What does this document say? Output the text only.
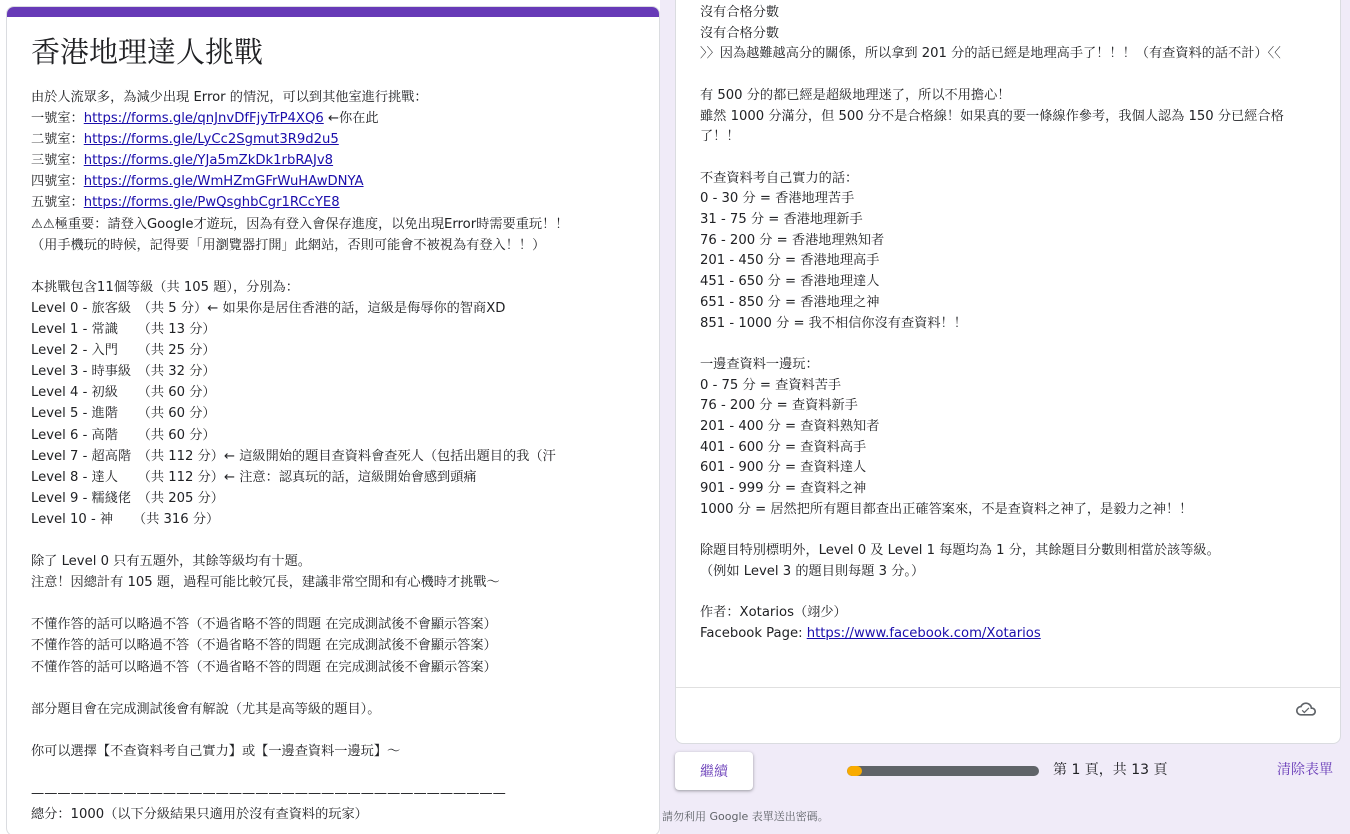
香港地理達人挑戰
由於人流眾多，為減少出現 Error 的情況，可以到其他室進行挑戰：
一號室：https://forms.gle/qnJnvDfFjyTrP4XQ6 ←你在此
二號室：https://forms.gle/LyCc2Sgmut3R9d2u5
三號室：https://forms.gle/YJa5mZkDk1rbRAJv8
四號室：https://forms.gle/WmHZmGFrWuHAwDNYA
五號室：https://forms.gle/PwQsghbCgr1RCcYE8
⚠⚠極重要：請登入Google才遊玩，因為有登入會保存進度，以免出現Error時需要重玩！！
（用手機玩的時候，記得要「用瀏覽器打開」此網站，否則可能會不被視為有登入！！）
本挑戰包含11個等級（共 105 題），分別為：
Level 0 - 旅客級　（共 5 分）← 如果你是居住香港的話，這級是侮辱你的智商XD
Level 1 - 常識　　（共 13 分）
Level 2 - 入門　　（共 25 分）
Level 3 - 時事級　（共 32 分）
Level 4 - 初級　　（共 60 分）
Level 5 - 進階　　（共 60 分）
Level 6 - 高階　　（共 60 分）
Level 7 - 超高階　（共 112 分）← 這級開始的題目查資料會查死人（包括出題目的我（汗
Level 8 - 達人　　（共 112 分）← 注意：認真玩的話，這級開始會感到頭痛
Level 9 - 糯綫佬　（共 205 分）
Level 10 - 神　　（共 316 分）
除了 Level 0 只有五題外，其餘等級均有十題。
注意！因總計有 105 題，過程可能比較冗長，建議非常空閒和有心機時才挑戰～
不懂作答的話可以略過不答（不過省略不答的問題 在完成測試後不會顯示答案）
不懂作答的話可以略過不答（不過省略不答的問題 在完成測試後不會顯示答案）
不懂作答的話可以略過不答（不過省略不答的問題 在完成測試後不會顯示答案）
部分題目會在完成測試後會有解說（尤其是高等級的題目）。
你可以選擇【不查資料考自己實力】或【一邊查資料一邊玩】～
————————————————————————————————————
總分：1000（以下分級結果只適用於沒有查資料的玩家）
沒有合格分數
沒有合格分數
〉〉因為越難越高分的關係，所以拿到 201 分的話已經是地理高手了！！！（有查資料的話不計）〈〈
有 500 分的都已經是超級地理迷了，所以不用擔心！
雖然 1000 分滿分，但 500 分不是合格線！如果真的要一條線作參考，我個人認為 150 分已經合格了！！
不查資料考自己實力的話：
0 - 30 分 = 香港地理苦手
31 - 75 分 = 香港地理新手
76 - 200 分 = 香港地理熟知者
201 - 450 分 = 香港地理高手
451 - 650 分 = 香港地理達人
651 - 850 分 = 香港地理之神
851 - 1000 分 = 我不相信你沒有查資料！！
一邊查資料一邊玩：
0 - 75 分 = 查資料苦手
76 - 200 分 = 查資料新手
201 - 400 分 = 查資料熟知者
401 - 600 分 = 查資料高手
601 - 900 分 = 查資料達人
901 - 999 分 = 查資料之神
1000 分 = 居然把所有題目都查出正確答案來，不是查資料之神了，是毅力之神！！
除題目特別標明外，Level 0 及 Level 1 每題均為 1 分，其餘題目分數則相當於該等級。
（例如 Level 3 的題目則每題 3 分。）
作者：Xotarios（翊少）
Facebook Page: https://www.facebook.com/Xotarios
繼續	第 1 頁，共 13 頁	清除表單
請勿利用 Google 表單送出密碼。
